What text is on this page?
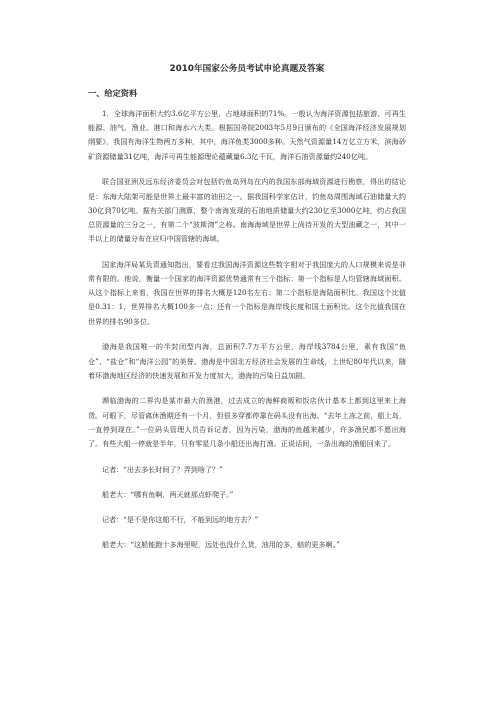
2010年国家公务员考试申论真题及答案
一、给定资料

1．全球海洋面积大约3.6亿平方公里，占地球面积的71%。一般认为海洋资源包括旅游、可再生能源、油气、渔业、港口和海水六大类。根据国务院2003年5月9日颁布的《全国海洋经济发展规划纲要》，我国有海洋生物两万多种，其中，海洋鱼类3000多种。天然气资源量14万亿立方米，滨海砂矿资源储量31亿吨，海洋可再生能源理论蕴藏量6.3亿千瓦，海洋石油资源量约240亿吨。

联合国亚洲及远东经济委员会对包括钓鱼岛列岛在内的我国东部海域资源进行勘察，得出的结论是：东海大陆架可能是世界上最丰富的油田之一。据我国科学家估计，钓鱼岛周围海域石油储量大约30亿到70亿吨。据有关部门测算，整个南海发现的石油地质储量大约230亿至3000亿吨，约占我国总资源量的三分之一，有第二个“波斯湾”之称。南海海域是世界上尚待开发的大型油藏之一，其中一半以上的储量分布在应归中国管辖的海域。

国家海洋局某负责通知指出，要看过我国海洋资源这些数字相对于我国庞大的人口规模来说是非常有限的。他说，衡量一个国家的海洋资源优势通常有三个指标：第一个指标是人均管辖海域面积。从这个指标上来看，我国在世界的排名大概是120名左右；第二个指标是海陆面积比。我国这个比值是0.31：1，世界排名大概100多一点；还有一个指标是海岸线长度和国土面积比。这个比值我国在世界的排名90多位。

渤海是我国唯一的半封闭型内海，总面积7.7万平方公里，海岸线3784公里，素有我国“鱼仓”、“盐仓”和“海洋公园”的美誉。渤海是中国北方经济社会发展的生命线，上世纪80年代以来，随着环渤海地区经济的快速发展和开发力度加大，渤海的污染日益加剧。

濒临渤海的二界沟是某市最大的渔港，过去成立的海鲜商贩和饭店伙计基本上都到这里来上海货。可眼下，尽管离休渔期还有一个月，但很多穿都停靠在码头没有出海。“去年上冻之前，船上岛，一直停到现在。”一位码头管理人员告诉记者，因为污染，渤海的鱼越来越少，许多渔民都不愿出海了。有些大船一停就是半年，只有零星几条小船还出海打渔。正说话间，一条出海的渔船回来了。

记者：“出去多长时间了？弄到啥了？”

船老大：“哪有鱼啊，两天就那点虾爬子。”

记者：“是不是你这船不行，不能到远的地方去？”

船老大：“这船能跑十多海里呢，远处也没什么货，油用的多，赔的更多啊。”
